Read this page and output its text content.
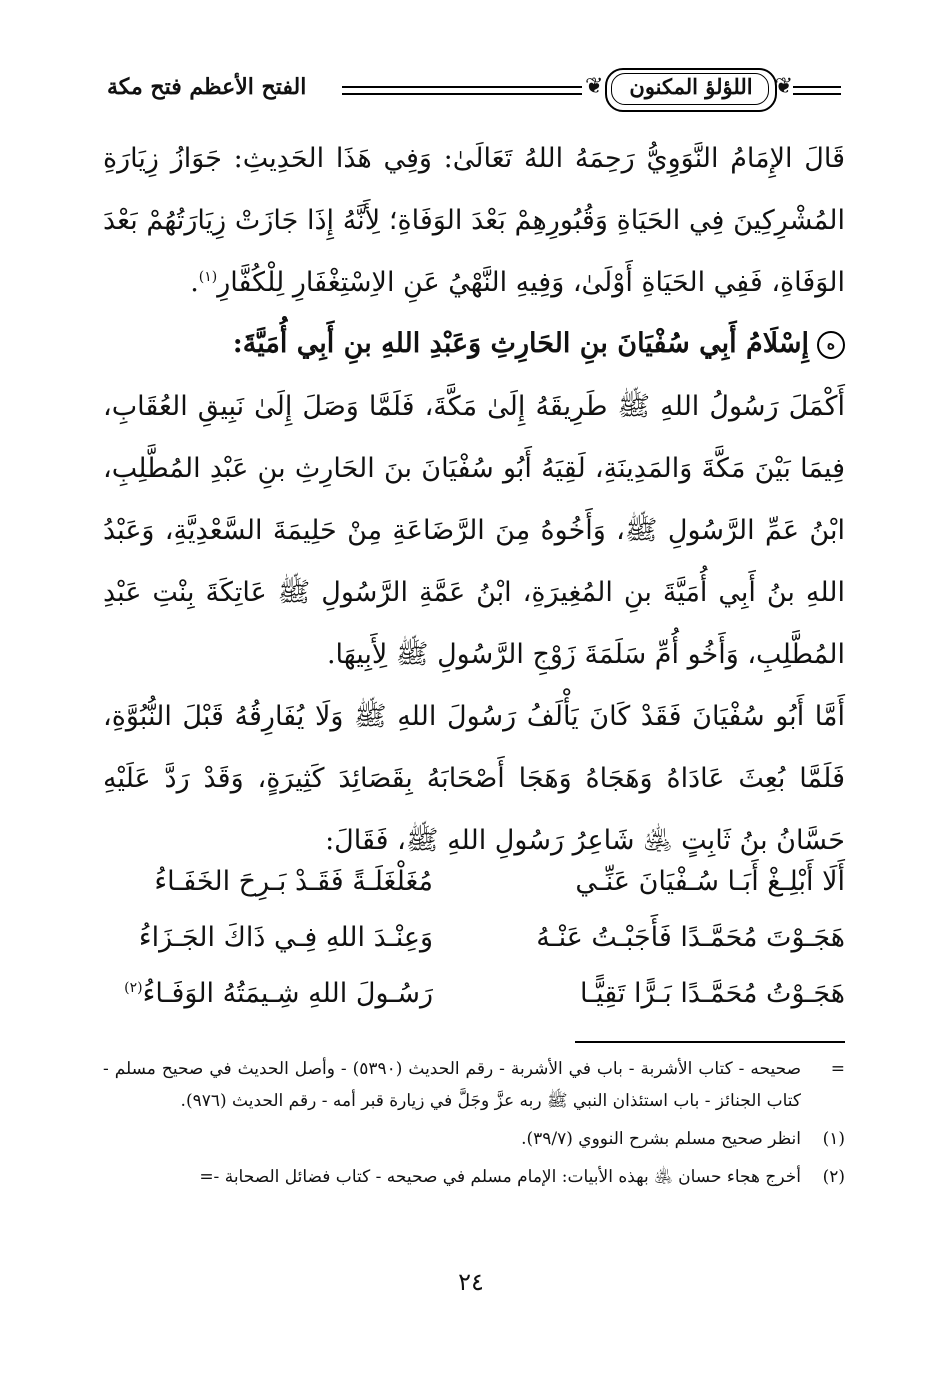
❦	اللؤلؤ المكنون ❦
الفتح الأعظم فتح مكة

قَالَ الإِمَامُ النَّوَوِيُّ رَحِمَهُ اللهُ تَعَالَىٰ: وَفِي هَذَا الحَدِيثِ: جَوَازُ زِيَارَةِ المُشْرِكِينَ فِي الحَيَاةِ وَقُبُورِهِمْ بَعْدَ الوَفَاةِ؛ لِأَنَّهُ إِذَا جَازَتْ زِيَارَتُهُمْ بَعْدَ الوَفَاةِ، فَفِي الحَيَاةِ أَوْلَىٰ، وَفِيهِ النَّهْيُ عَنِ الاِسْتِغْفَارِ لِلْكُفَّارِ$^{(١)}$.

هإِسْلَامُ أَبِي سُفْيَانَ بنِ الحَارِثِ وَعَبْدِ اللهِ بنِ أَبِي أُمَيَّةَ:

أَكْمَلَ رَسُولُ اللهِ ﷺ طَرِيقَهُ إِلَىٰ مَكَّةَ، فَلَمَّا وَصَلَ إِلَىٰ نَبِيقِ العُقَابِ، فِيمَا بَيْنَ مَكَّةَ وَالمَدِينَةِ، لَقِيَهُ أَبُو سُفْيَانَ بنَ الحَارِثِ بنِ عَبْدِ المُطَّلِبِ، ابْنُ عَمِّ الرَّسُولِ ﷺ، وَأَخُوهُ مِنَ الرَّضَاعَةِ مِنْ حَلِيمَةَ السَّعْدِيَّةِ، وَعَبْدُ اللهِ بنُ أَبِي أُمَيَّةَ بنِ المُغِيرَةِ، ابْنُ عَمَّةِ الرَّسُولِ ﷺ عَاتِكَةَ بِنْتِ عَبْدِ المُطَّلِبِ، وَأَخُو أُمِّ سَلَمَةَ زَوْجِ الرَّسُولِ ﷺ لِأَبِيهَا.

أَمَّا أَبُو سُفْيَانَ فَقَدْ كَانَ يَأْلَفُ رَسُولَ اللهِ ﷺ وَلَا يُفَارِقُهُ قَبْلَ النُّبُوَّةِ، فَلَمَّا بُعِثَ عَادَاهُ وَهَجَاهُ وَهَجَا أَصْحَابَهُ بِقَصَائِدَ كَثِيرَةٍ، وَقَدْ رَدَّ عَلَيْهِ حَسَّانُ بنُ ثَابِتٍ ﵁ شَاعِرُ رَسُولِ اللهِ ﷺ، فَقَالَ:

أَلَا أَبْلِـغْ أَبَـا سُـفْيَانَ عَنِّـي
مُغَلْغَلَـةً فَقَـدْ بَـرِحَ الخَفَـاءُ
هَجَـوْتَ مُحَمَّـدًا فَأَجَبْـتُ عَنْـهُ
وَعِنْـدَ اللهِ فِـي ذَاكَ الجَـزَاءُ
هَجَـوْتُ مُحَمَّـدًا بَـرًّا تَقِيًّـا
رَسُـولَ اللهِ شِـيمَتُهُ الوَفَـاءُ$^{(٢)}$
=
صحيحه - كتاب الأشربة - باب في الأشربة - رقم الحديث (٥٣٩٠) - وأصل الحديث في صحيح مسلم - كتاب الجنائز - باب استئذان النبي ﷺ ربه عزَّ وجَلَّ في زيارة قبر أمه - رقم الحديث (٩٧٦).
(١)
انظر صحيح مسلم بشرح النووي (٣٩/٧).
(٢)
أخرج هجاء حسان ﵁ بهذه الأبيات: الإمام مسلم في صحيحه - كتاب فضائل الصحابة -=
٢٤
